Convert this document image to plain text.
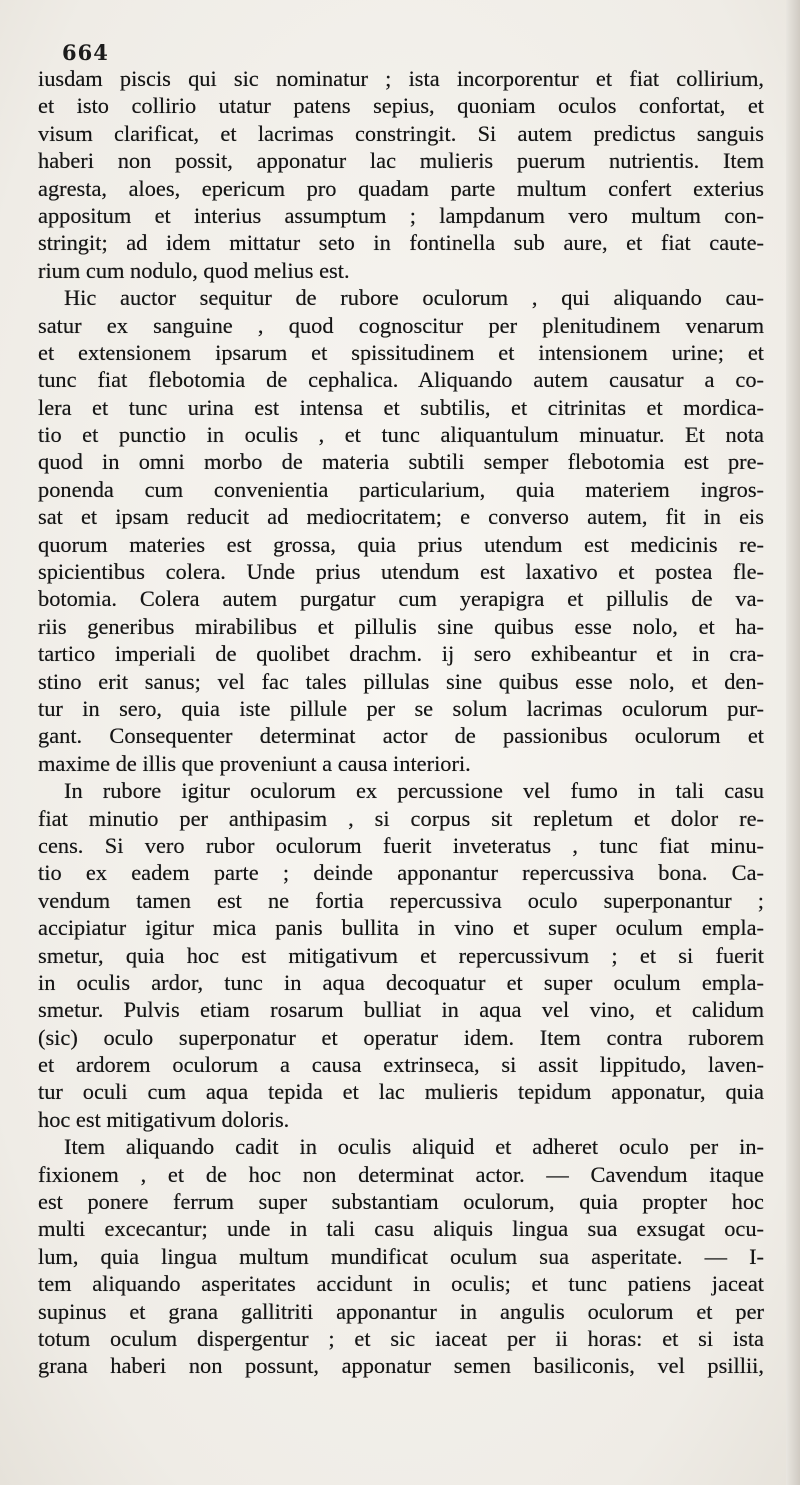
664
iusdam piscis qui sic nominatur ; ista incorporentur et fiat collirium,
et isto collirio utatur patens sepius, quoniam oculos confortat, et
visum clarificat, et lacrimas constringit. Si autem predictus sanguis
haberi non possit, apponatur lac mulieris puerum nutrientis. Item
agresta, aloes, epericum pro quadam parte multum confert exterius
appositum et interius assumptum ; lampdanum vero multum con-
stringit; ad idem mittatur seto in fontinella sub aure, et fiat caute-
rium cum nodulo, quod melius est.
Hic auctor sequitur de rubore oculorum , qui aliquando cau-
satur ex sanguine , quod cognoscitur per plenitudinem venarum
et extensionem ipsarum et spissitudinem et intensionem urine; et
tunc fiat flebotomia de cephalica. Aliquando autem causatur a co-
lera et tunc urina est intensa et subtilis, et citrinitas et mordica-
tio et punctio in oculis , et tunc aliquantulum minuatur. Et nota
quod in omni morbo de materia subtili semper flebotomia est pre-
ponenda cum convenientia particularium, quia materiem ingros-
sat et ipsam reducit ad mediocritatem; e converso autem, fit in eis
quorum materies est grossa, quia prius utendum est medicinis re-
spicientibus colera. Unde prius utendum est laxativo et postea fle-
botomia. Colera autem purgatur cum yerapigra et pillulis de va-
riis generibus mirabilibus et pillulis sine quibus esse nolo, et ha-
tartico imperiali de quolibet drachm. ij sero exhibeantur et in cra-
stino erit sanus; vel fac tales pillulas sine quibus esse nolo, et den-
tur in sero, quia iste pillule per se solum lacrimas oculorum pur-
gant. Consequenter determinat actor de passionibus oculorum et
maxime de illis que proveniunt a causa interiori.
In rubore igitur oculorum ex percussione vel fumo in tali casu
fiat minutio per anthipasim , si corpus sit repletum et dolor re-
cens. Si vero rubor oculorum fuerit inveteratus , tunc fiat minu-
tio ex eadem parte ; deinde apponantur repercussiva bona. Ca-
vendum tamen est ne fortia repercussiva oculo superponantur ;
accipiatur igitur mica panis bullita in vino et super oculum empla-
smetur, quia hoc est mitigativum et repercussivum ; et si fuerit
in oculis ardor, tunc in aqua decoquatur et super oculum empla-
smetur. Pulvis etiam rosarum bulliat in aqua vel vino, et calidum
(sic) oculo superponatur et operatur idem. Item contra ruborem
et ardorem oculorum a causa extrinseca, si assit lippitudo, laven-
tur oculi cum aqua tepida et lac mulieris tepidum apponatur, quia
hoc est mitigativum doloris.
Item aliquando cadit in oculis aliquid et adheret oculo per in-
fixionem , et de hoc non determinat actor. — Cavendum itaque
est ponere ferrum super substantiam oculorum, quia propter hoc
multi excecantur; unde in tali casu aliquis lingua sua exsugat ocu-
lum, quia lingua multum mundificat oculum sua asperitate. — I-
tem aliquando asperitates accidunt in oculis; et tunc patiens jaceat
supinus et grana gallitriti apponantur in angulis oculorum et per
totum oculum dispergentur ; et sic iaceat per ii horas: et si ista
grana haberi non possunt, apponatur semen basiliconis, vel psillii,
